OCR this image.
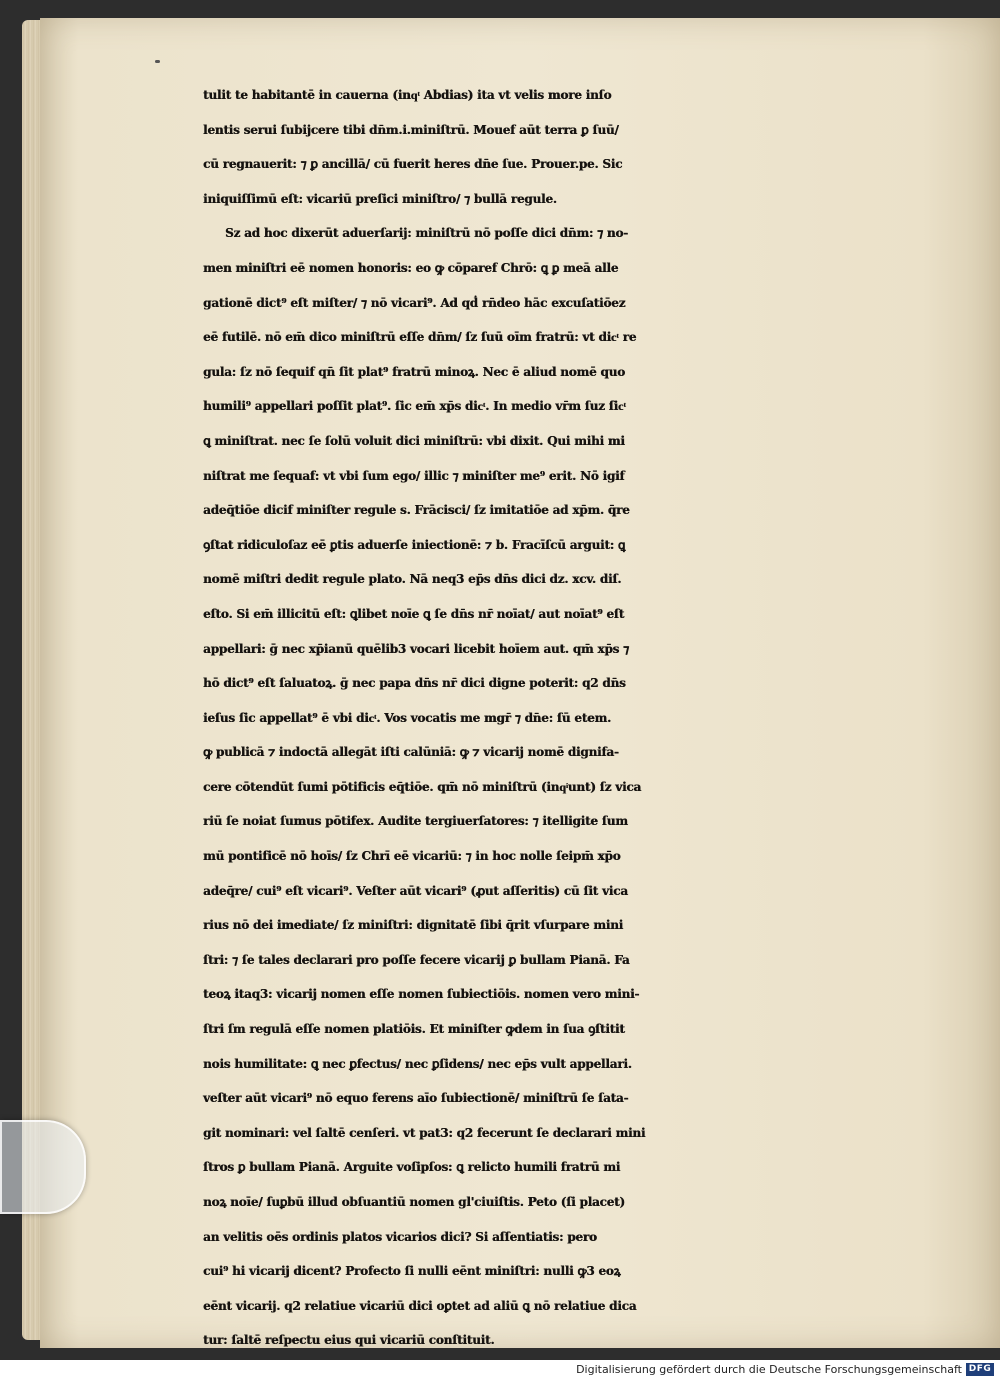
tulit te habitantē in cauerna (inqͭ Abdias) ita vt velis more inſo
lentis serui ſubijcere tibi dn̄m.i.miniſtrū. Mouef aūt terra ꝑ ſuū/
cū regnauerit: ⁊ ꝑ ancillā/ cū fuerit heres dn̄e ſue. Prouer.pe. Sic
iniquiſſimū eſt: vicariū preſici miniſtro/ ⁊ bullā regule.
Sz ad hoc dixerūt aduerſarij: miniſtrū nō poſſe dici dn̄m: ⁊ no-
men miniſtri eē nomen honoris: eo ꝙ cōparef Chrō: ꝗ ꝑ meā alle
gationē dict⁹ eſt miſter/ ⁊ nō vicari⁹. Ad qḋ rn̄deo hāc excuſatiōez
eē futilē. nō em̄ dico miniſtrū eſſe dn̄m/ ſz ſuū oīm fratrū: vt dicͭ re
gula: ſz nō ſequif qn̄ ſit plat⁹ fratrū minoꝝ. Nec ē aliud nomē quo
humili⁹ appellari poſſit plat⁹. ſic em̄ xp̄s dicͭ. In medio vr̄m ſuz ſicͭ
ꝗ miniſtrat. nec ſe ſolū voluit dici miniſtrū: vbi dixit. Qui mihi mi
niſtrat me ſequaf: vt vbi ſum ego/ illic ⁊ miniſter me⁹ erit. Nō igif
adeq̄tiōe dicif miniſter regule s. Frācisci/ ſz imitatiōe ad xp̄m. q̄re
ꝯſtat ridiculoſaz eē ꝑtis aduerſe iniectionē: ⁊ b. Fracīſcū arguit: ꝗ
nomē miſtri dedit regule plato. Nā neq3 ep̄s dn̄s dici dz. xcv. diſ.
eſto. Si em̄ illicitū eſt: ꝗlibet noīe ꝗ ſe dn̄s nr̄ noīat/ aut noīat⁹ eſt
appellari: ḡ nec xp̄ianū quēlib3 vocari licebit hoīem aut. qm̄ xp̄s ⁊
hō dict⁹ eſt ſaluatoꝝ. ḡ nec papa dn̄s nr̄ dici digne poterit: q2 dn̄s
ieſus ſic appellat⁹ ē vbi dicͭ. Vos vocatis me mgr̄ ⁊ dn̄e: ſū etem.
ꝙ publicā ⁊ indoctā allegāt iſti calūniā: ꝙ ⁊ vicarij nomē dignifa-
cere cōtendūt ſumi pōtificis eq̄tiōe. qm̄ nō miniſtrū (inqͥunt) ſz vica
riū ſe noiat ſumus pōtifex. Audite tergiuerſatores: ⁊ itelligite ſum
mū pontificē nō hoīs/ ſz Chrī eē vicariū: ⁊ in hoc nolle ſeipm̄ xp̄o
adeq̄re/ cui⁹ eſt vicari⁹. Veſter aūt vicari⁹ (ꝓut aſſeritis) cū ſit vica
rius nō dei imediate/ ſz miniſtri: dignitatē ſibi q̄rit vſurpare mini
ſtri: ⁊ ſe tales declarari pro poſſe fecere vicarij ꝑ bullam Pianā. Fa
teoꝝ itaq3: vicarij nomen eſſe nomen ſubiectiōis. nomen vero mini-
ſtri ſm regulā eſſe nomen platiōis. Et miniſter ꝙdem in ſua ꝯſtitit
nois humilitate: ꝗ nec ꝑfectus/ nec ꝑſidens/ nec ep̄s vult appellari.
veſter aūt vicari⁹ nō equo ferens aīo ſubiectionē/ miniſtrū ſe ſata-
git nominari: vel ſaltē cenſeri. vt pat3: q2 fecerunt ſe declarari mini
ſtros ꝑ bullam Pianā. Arguite voſipſos: ꝗ relicto humili fratrū mi
noꝝ noīe/ ſuꝑbū illud obſuantiū nomen gl'ciuiſtis. Peto (ſi placet)
an velitis oēs ordinis platos vicarios dici? Si aſſentiatis: pero
cui⁹ hi vicarij dicent? Profecto ſi nulli eēnt miniſtri: nulli ꝙ3 eoꝝ
eēnt vicarij. q2 relatiue vicariū dici oꝑtet ad aliū ꝗ nō relatiue dica
tur: ſaltē reſpectu eius qui vicariū conſtituit.
Digitalisierung gefördert durch die Deutsche Forschungsgemeinschaft DFG
